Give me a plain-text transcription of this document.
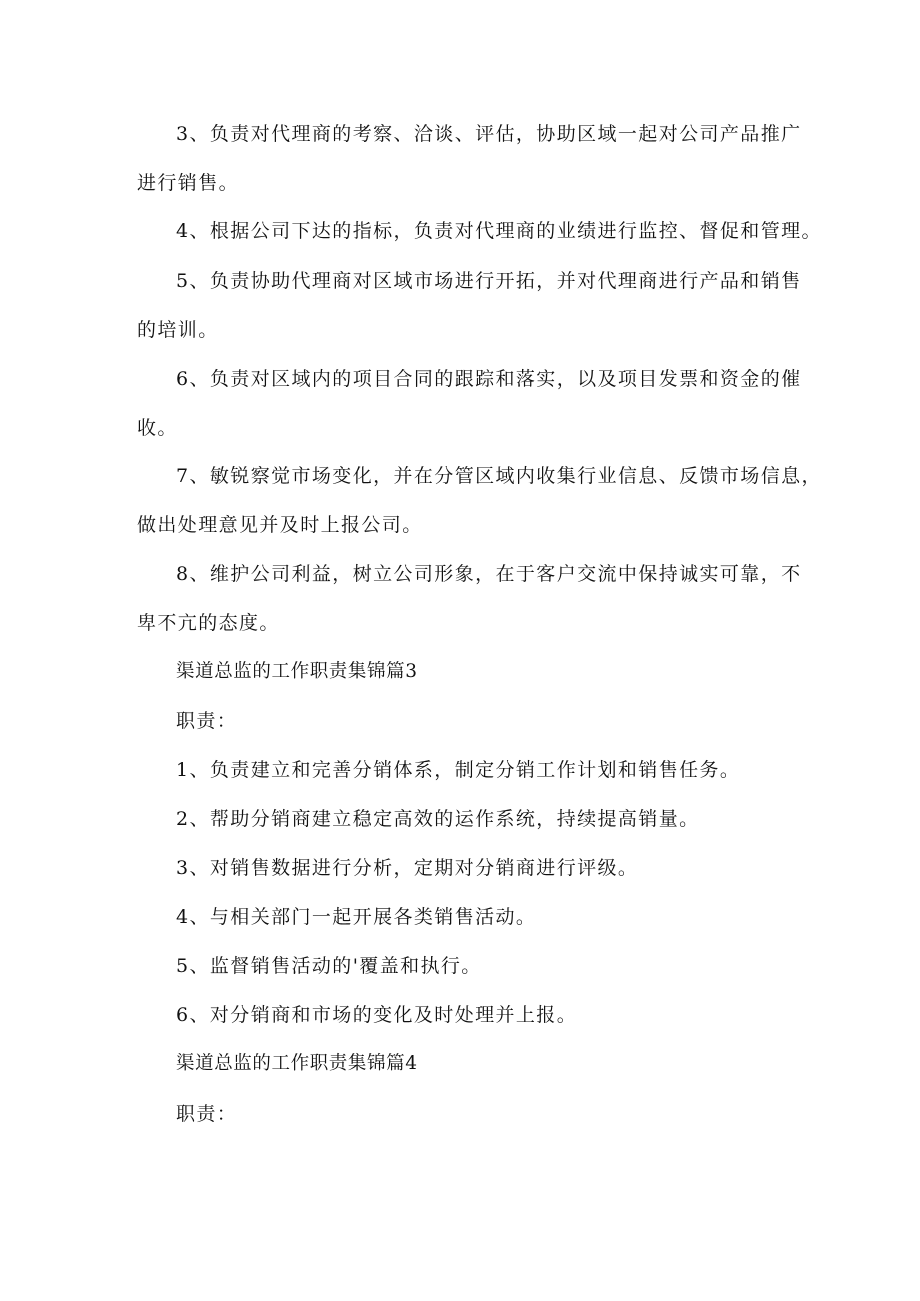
3、负责对代理商的考察、洽谈、评估，协助区域一起对公司产品推广

进行销售。

4、根据公司下达的指标，负责对代理商的业绩进行监控、督促和管理。

5、负责协助代理商对区域市场进行开拓，并对代理商进行产品和销售

的培训。

6、负责对区域内的项目合同的跟踪和落实，以及项目发票和资金的催

收。

7、敏锐察觉市场变化，并在分管区域内收集行业信息、反馈市场信息，

做出处理意见并及时上报公司。

8、维护公司利益，树立公司形象，在于客户交流中保持诚实可靠，不

卑不亢的态度。

渠道总监的工作职责集锦篇3

职责：

1、负责建立和完善分销体系，制定分销工作计划和销售任务。

2、帮助分销商建立稳定高效的运作系统，持续提高销量。

3、对销售数据进行分析，定期对分销商进行评级。

4、与相关部门一起开展各类销售活动。

5、监督销售活动的'覆盖和执行。

6、对分销商和市场的变化及时处理并上报。

渠道总监的工作职责集锦篇4

职责：
